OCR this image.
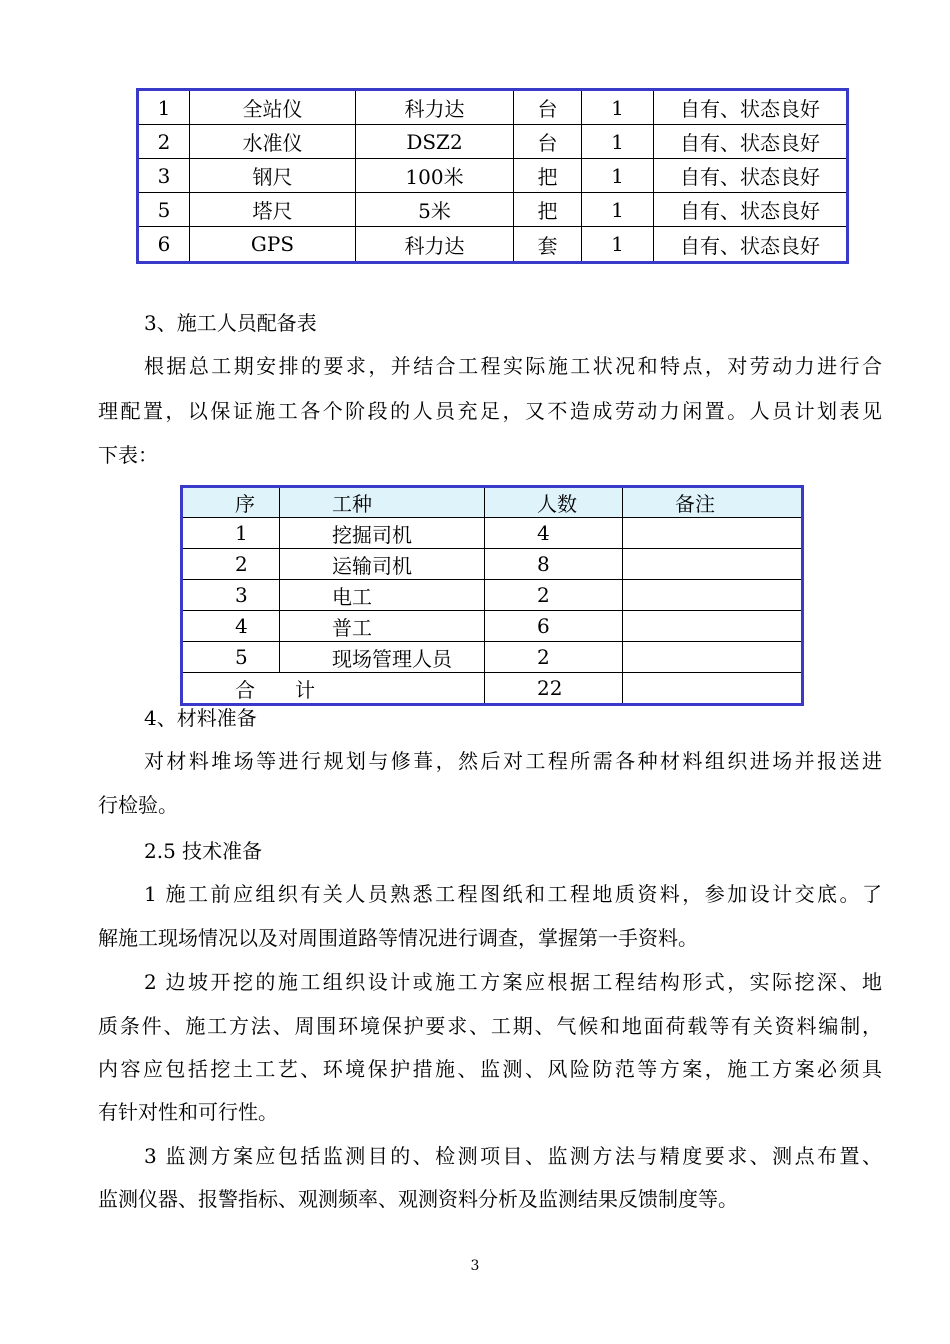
1	全站仪	科力达	台	1	自有、状态良好
2	水准仪	DSZ2	台	1	自有、状态良好
3	钢尺	100米	把	1	自有、状态良好
5	塔尺	5米	把	1	自有、状态良好
6	GPS	科力达	套	1	自有、状态良好
3、施工人员配备表
根据总工期安排的要求，并结合工程实际施工状况和特点，对劳动力进行合
理配置，以保证施工各个阶段的人员充足，又不造成劳动力闲置。人员计划表见
下表：
序	工种	人数	备注
1	挖掘司机	4	
2	运输司机	8	
3	电工	2	
4	普工	6	
5	现场管理人员	2	
合　　计		22	
4、材料准备
对材料堆场等进行规划与修葺，然后对工程所需各种材料组织进场并报送进
行检验。
2.5 技术准备
1 施工前应组织有关人员熟悉工程图纸和工程地质资料，参加设计交底。了
解施工现场情况以及对周围道路等情况进行调查，掌握第一手资料。
2 边坡开挖的施工组织设计或施工方案应根据工程结构形式，实际挖深、地
质条件、施工方法、周围环境保护要求、工期、气候和地面荷载等有关资料编制，
内容应包括挖土工艺、环境保护措施、监测、风险防范等方案，施工方案必须具
有针对性和可行性。
3 监测方案应包括监测目的、检测项目、监测方法与精度要求、测点布置、
监测仪器、报警指标、观测频率、观测资料分析及监测结果反馈制度等。
3
